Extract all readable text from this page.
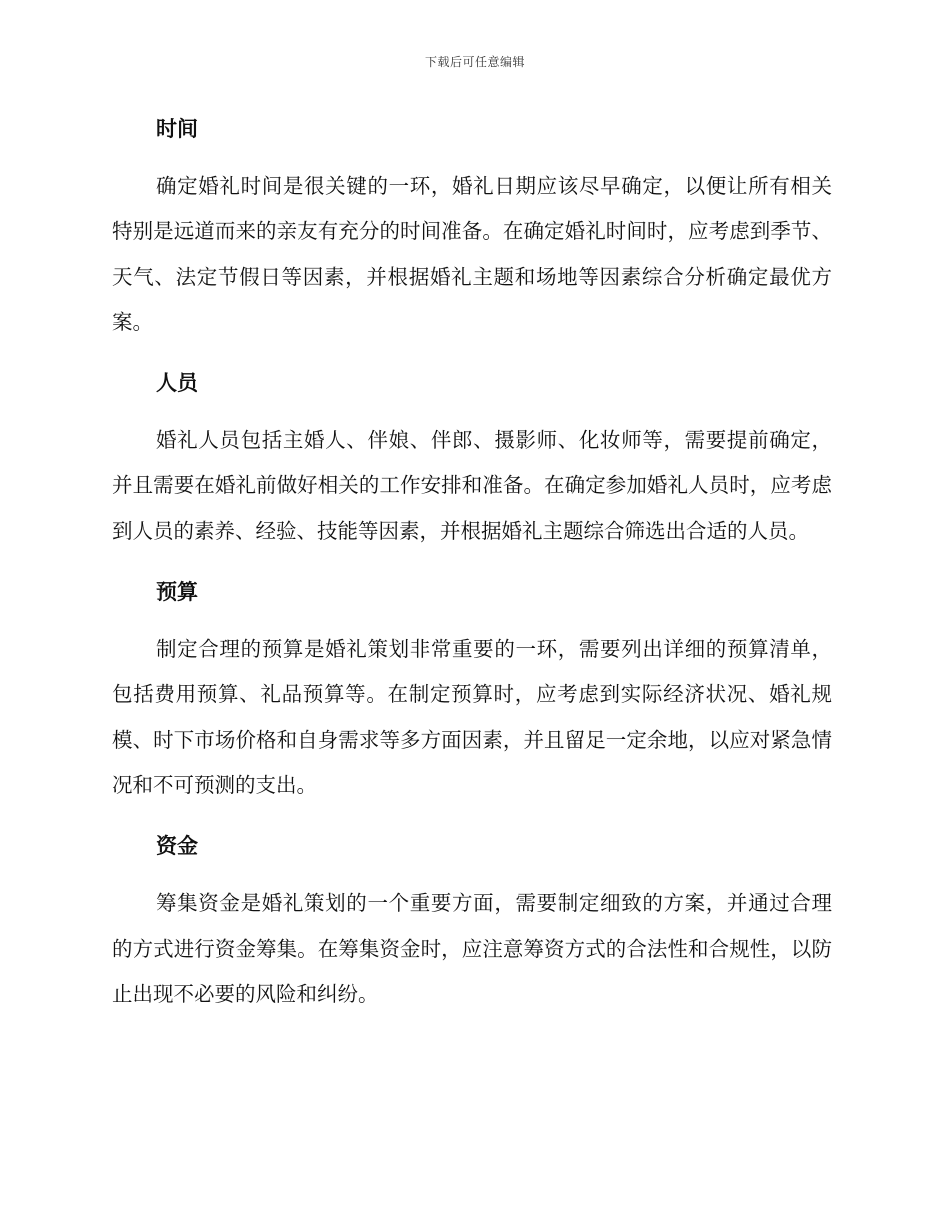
下载后可任意编辑
时间

确定婚礼时间是很关键的一环，婚礼日期应该尽早确定，以便让所有相关特别是远道而来的亲友有充分的时间准备。在确定婚礼时间时，应考虑到季节、天气、法定节假日等因素，并根据婚礼主题和场地等因素综合分析确定最优方案。

人员

婚礼人员包括主婚人、伴娘、伴郎、摄影师、化妆师等，需要提前确定，并且需要在婚礼前做好相关的工作安排和准备。在确定参加婚礼人员时，应考虑到人员的素养、经验、技能等因素，并根据婚礼主题综合筛选出合适的人员。

预算

制定合理的预算是婚礼策划非常重要的一环，需要列出详细的预算清单，包括费用预算、礼品预算等。在制定预算时，应考虑到实际经济状况、婚礼规模、时下市场价格和自身需求等多方面因素，并且留足一定余地，以应对紧急情况和不可预测的支出。

资金

筹集资金是婚礼策划的一个重要方面，需要制定细致的方案，并通过合理的方式进行资金筹集。在筹集资金时，应注意筹资方式的合法性和合规性，以防止出现不必要的风险和纠纷。
